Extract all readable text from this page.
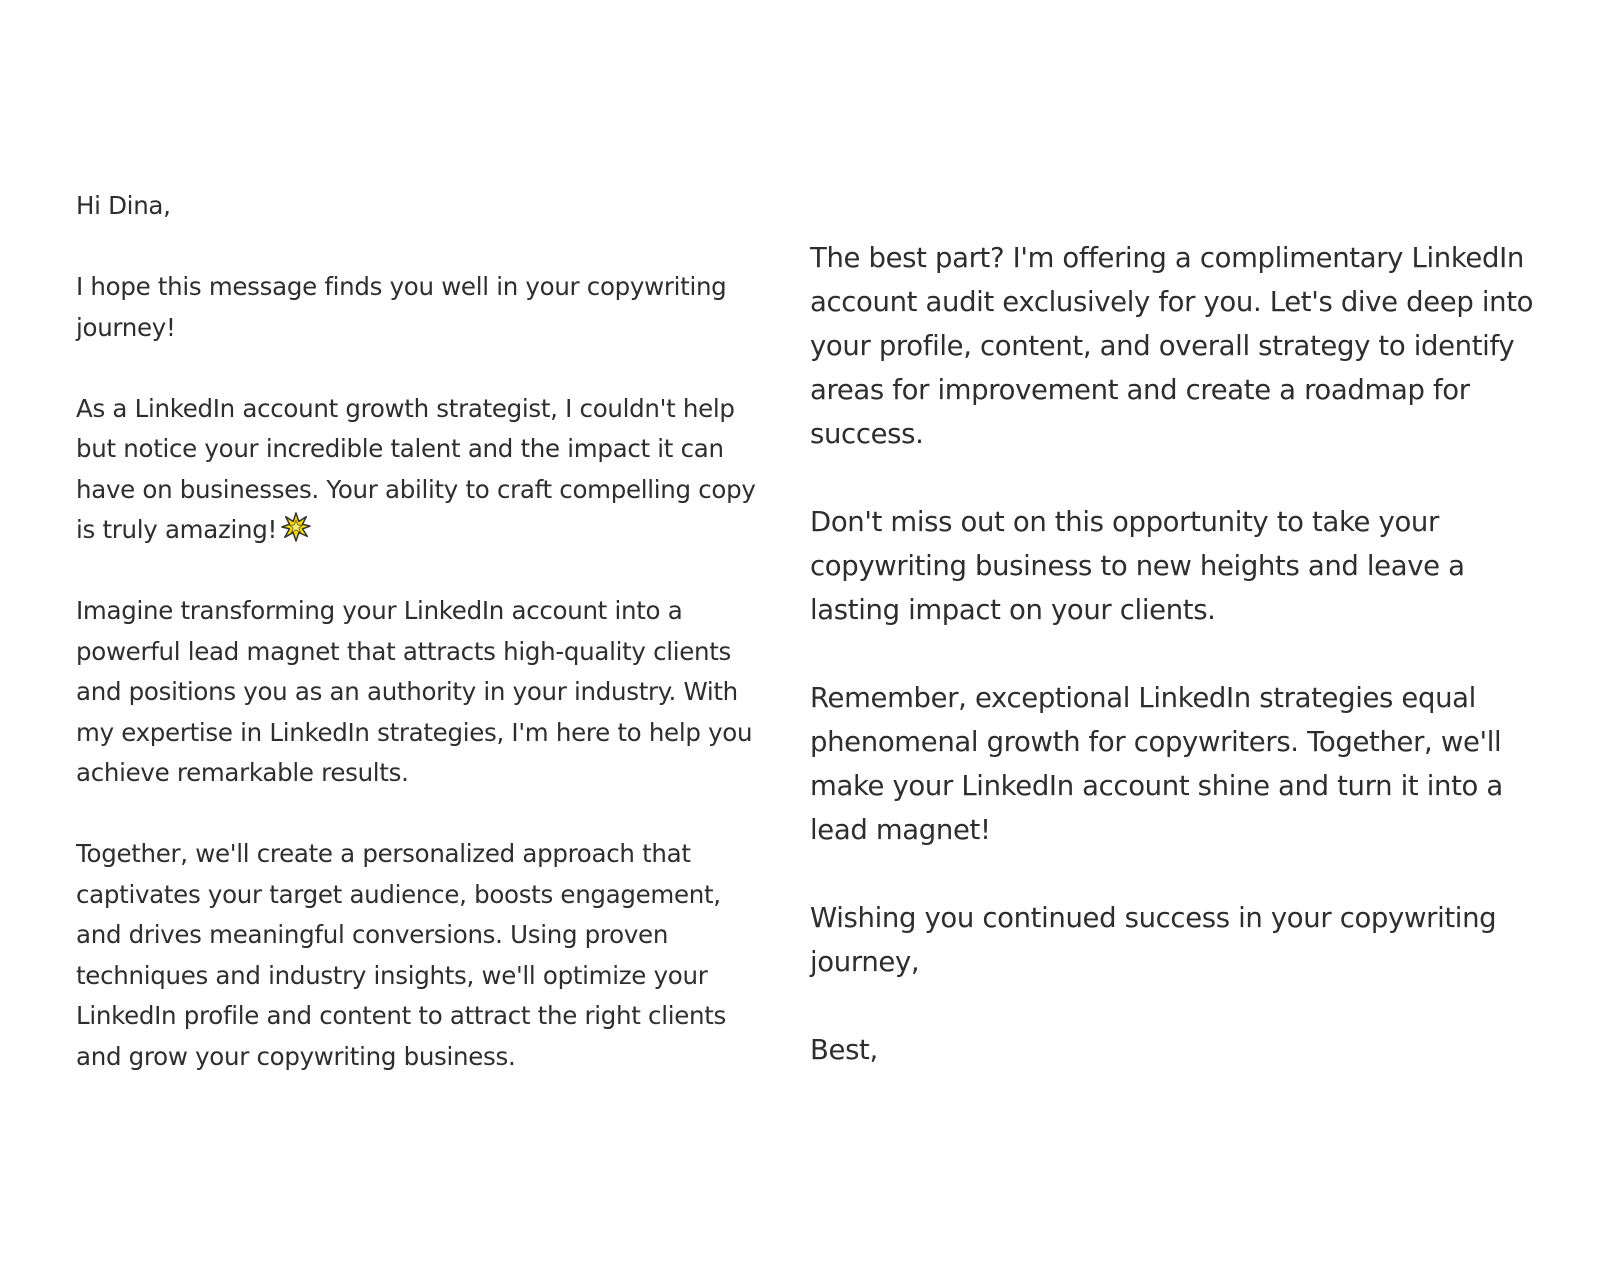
Hi Dina,

I hope this message finds you well in your copywriting journey!

As a LinkedIn account growth strategist, I couldn't help but notice your incredible talent and the impact it can have on businesses. Your ability to craft compelling copy is truly amazing!

Imagine transforming your LinkedIn account into a powerful lead magnet that attracts high-quality clients and positions you as an authority in your industry. With my expertise in LinkedIn strategies, I'm here to help you achieve remarkable results.

Together, we'll create a personalized approach that captivates your target audience, boosts engagement, and drives meaningful conversions. Using proven techniques and industry insights, we'll optimize your LinkedIn profile and content to attract the right clients and grow your copywriting business.

The best part? I'm offering a complimentary LinkedIn account audit exclusively for you. Let's dive deep into your profile, content, and overall strategy to identify areas for improvement and create a roadmap for success.

Don't miss out on this opportunity to take your copywriting business to new heights and leave a lasting impact on your clients.

Remember, exceptional LinkedIn strategies equal phenomenal growth for copywriters. Together, we'll make your LinkedIn account shine and turn it into a lead magnet!

Wishing you continued success in your copywriting journey,

Best,
